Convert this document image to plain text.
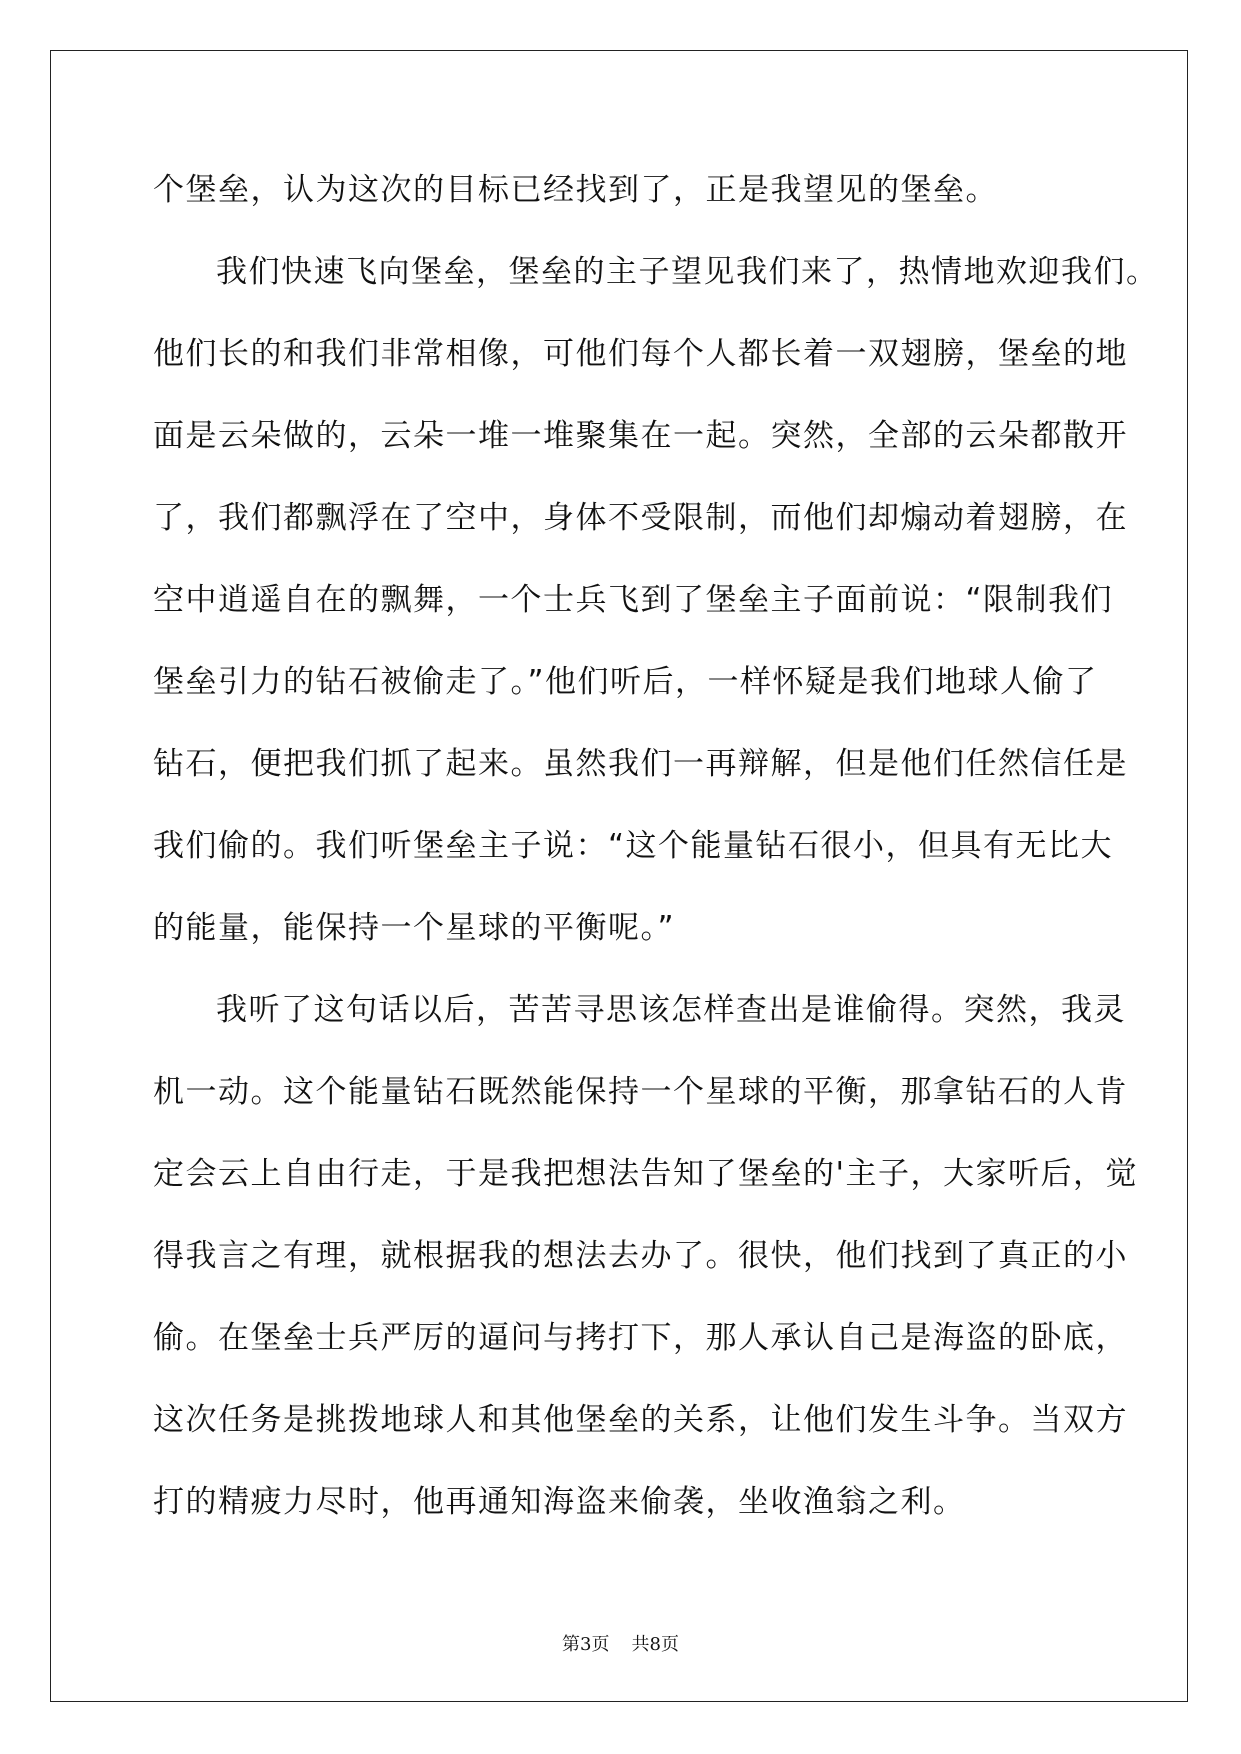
个堡垒，认为这次的目标已经找到了，正是我望见的堡垒。
我们快速飞向堡垒，堡垒的主子望见我们来了，热情地欢迎我们。
他们长的和我们非常相像，可他们每个人都长着一双翅膀，堡垒的地
面是云朵做的，云朵一堆一堆聚集在一起。突然，全部的云朵都散开
了，我们都飘浮在了空中，身体不受限制，而他们却煽动着翅膀，在
空中逍遥自在的飘舞，一个士兵飞到了堡垒主子面前说：“限制我们
堡垒引力的钻石被偷走了。”他们听后，一样怀疑是我们地球人偷了
钻石，便把我们抓了起来。虽然我们一再辩解，但是他们任然信任是
我们偷的。我们听堡垒主子说：“这个能量钻石很小，但具有无比大
的能量，能保持一个星球的平衡呢。”
我听了这句话以后，苦苦寻思该怎样查出是谁偷得。突然，我灵
机一动。这个能量钻石既然能保持一个星球的平衡，那拿钻石的人肯
定会云上自由行走，于是我把想法告知了堡垒的'主子，大家听后，觉
得我言之有理，就根据我的想法去办了。很快，他们找到了真正的小
偷。在堡垒士兵严厉的逼问与拷打下，那人承认自己是海盗的卧底，
这次任务是挑拨地球人和其他堡垒的关系，让他们发生斗争。当双方
打的精疲力尽时，他再通知海盗来偷袭，坐收渔翁之利。
第3页 共8页
